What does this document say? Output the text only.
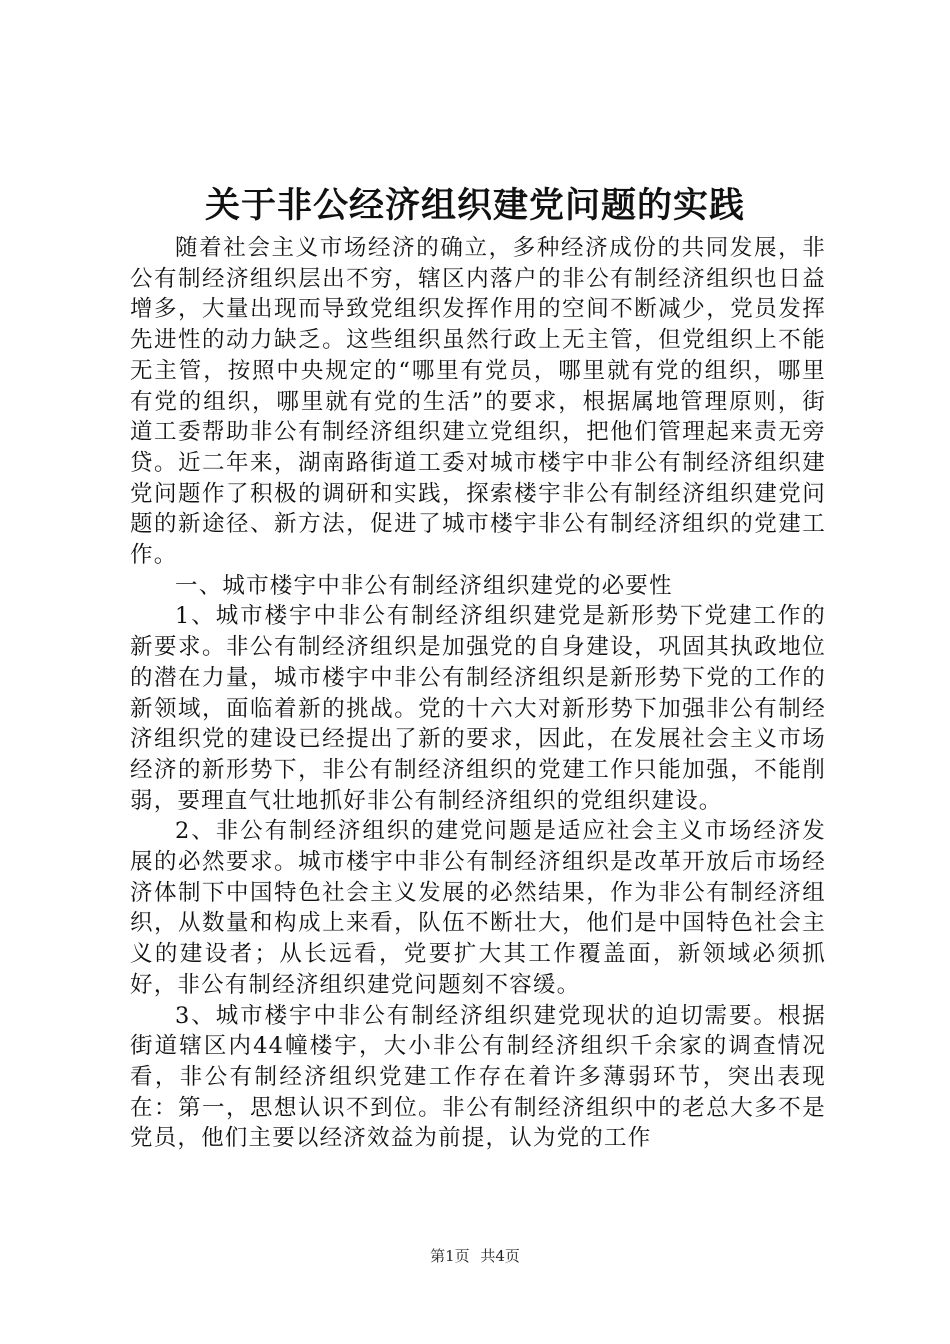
关于非公经济组织建党问题的实践

随着社会主义市场经济的确立，多种经济成份的共同发展，非公有制经济组织层出不穷，辖区内落户的非公有制经济组织也日益增多，大量出现而导致党组织发挥作用的空间不断减少，党员发挥先进性的动力缺乏。这些组织虽然行政上无主管，但党组织上不能无主管，按照中央规定的“哪里有党员，哪里就有党的组织，哪里有党的组织，哪里就有党的生活”的要求，根据属地管理原则，街道工委帮助非公有制经济组织建立党组织，把他们管理起来责无旁贷。近二年来，湖南路街道工委对城市楼宇中非公有制经济组织建党问题作了积极的调研和实践，探索楼宇非公有制经济组织建党问题的新途径、新方法，促进了城市楼宇非公有制经济组织的党建工作。

一、城市楼宇中非公有制经济组织建党的必要性

1、城市楼宇中非公有制经济组织建党是新形势下党建工作的新要求。非公有制经济组织是加强党的自身建设，巩固其执政地位的潜在力量，城市楼宇中非公有制经济组织是新形势下党的工作的新领域，面临着新的挑战。党的十六大对新形势下加强非公有制经济组织党的建设已经提出了新的要求，因此，在发展社会主义市场经济的新形势下，非公有制经济组织的党建工作只能加强，不能削弱，要理直气壮地抓好非公有制经济组织的党组织建设。

2、非公有制经济组织的建党问题是适应社会主义市场经济发展的必然要求。城市楼宇中非公有制经济组织是改革开放后市场经济体制下中国特色社会主义发展的必然结果，作为非公有制经济组织，从数量和构成上来看，队伍不断壮大，他们是中国特色社会主义的建设者；从长远看，党要扩大其工作覆盖面，新领域必须抓好，非公有制经济组织建党问题刻不容缓。

3、城市楼宇中非公有制经济组织建党现状的迫切需要。根据街道辖区内44幢楼宇，大小非公有制经济组织千余家的调查情况看，非公有制经济组织党建工作存在着许多薄弱环节，突出表现在：第一，思想认识不到位。非公有制经济组织中的老总大多不是党员，他们主要以经济效益为前提，认为党的工作

第1页 共4页
